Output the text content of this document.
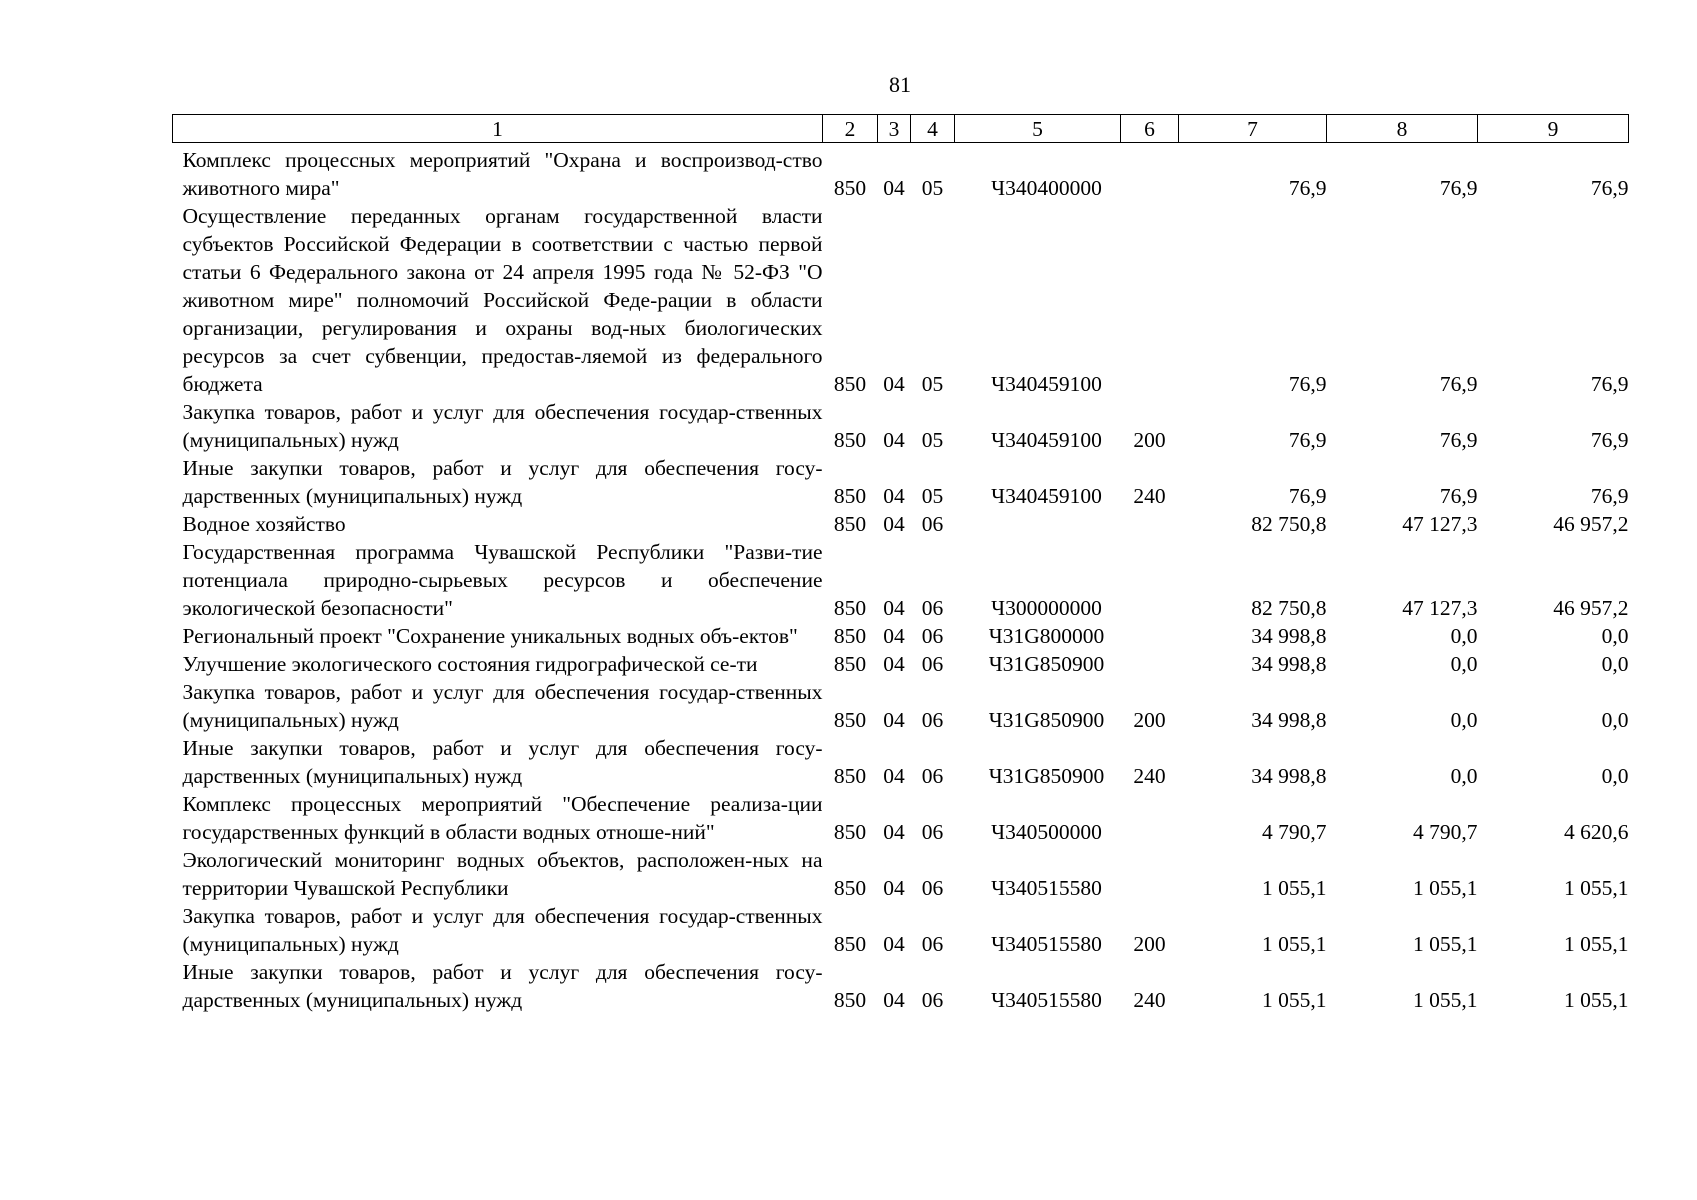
81
1	2	3	4	5	6	7	8	9
Комплекс процессных мероприятий "Охрана и воспроизвод-ство животного мира"	850	04	05	Ч340400000		76,9	76,9	76,9
Осуществление переданных органам государственной власти субъектов Российской Федерации в соответствии с частью первой статьи 6 Федерального закона от 24 апреля 1995 года № 52-ФЗ "О животном мире" полномочий Российской Феде-рации в области организации, регулирования и охраны вод-ных биологических ресурсов за счет субвенции, предостав-ляемой из федерального бюджета	850	04	05	Ч340459100		76,9	76,9	76,9
Закупка товаров, работ и услуг для обеспечения государ-ственных (муниципальных) нужд	850	04	05	Ч340459100	200	76,9	76,9	76,9
Иные закупки товаров, работ и услуг для обеспечения госу-дарственных (муниципальных) нужд	850	04	05	Ч340459100	240	76,9	76,9	76,9
Водное хозяйство	850	04	06			82 750,8	47 127,3	46 957,2
Государственная программа Чувашской Республики "Разви-тие потенциала природно-сырьевых ресурсов и обеспечение экологической безопасности"	850	04	06	Ч300000000		82 750,8	47 127,3	46 957,2
Региональный проект "Сохранение уникальных водных объ-ектов"	850	04	06	Ч31G800000		34 998,8	0,0	0,0
Улучшение экологического состояния гидрографической се-ти	850	04	06	Ч31G850900		34 998,8	0,0	0,0
Закупка товаров, работ и услуг для обеспечения государ-ственных (муниципальных) нужд	850	04	06	Ч31G850900	200	34 998,8	0,0	0,0
Иные закупки товаров, работ и услуг для обеспечения госу-дарственных (муниципальных) нужд	850	04	06	Ч31G850900	240	34 998,8	0,0	0,0
Комплекс процессных мероприятий "Обеспечение реализа-ции государственных функций в области водных отноше-ний"	850	04	06	Ч340500000		4 790,7	4 790,7	4 620,6
Экологический мониторинг водных объектов, расположен-ных на территории Чувашской Республики	850	04	06	Ч340515580		1 055,1	1 055,1	1 055,1
Закупка товаров, работ и услуг для обеспечения государ-ственных (муниципальных) нужд	850	04	06	Ч340515580	200	1 055,1	1 055,1	1 055,1
Иные закупки товаров, работ и услуг для обеспечения госу-дарственных (муниципальных) нужд	850	04	06	Ч340515580	240	1 055,1	1 055,1	1 055,1
